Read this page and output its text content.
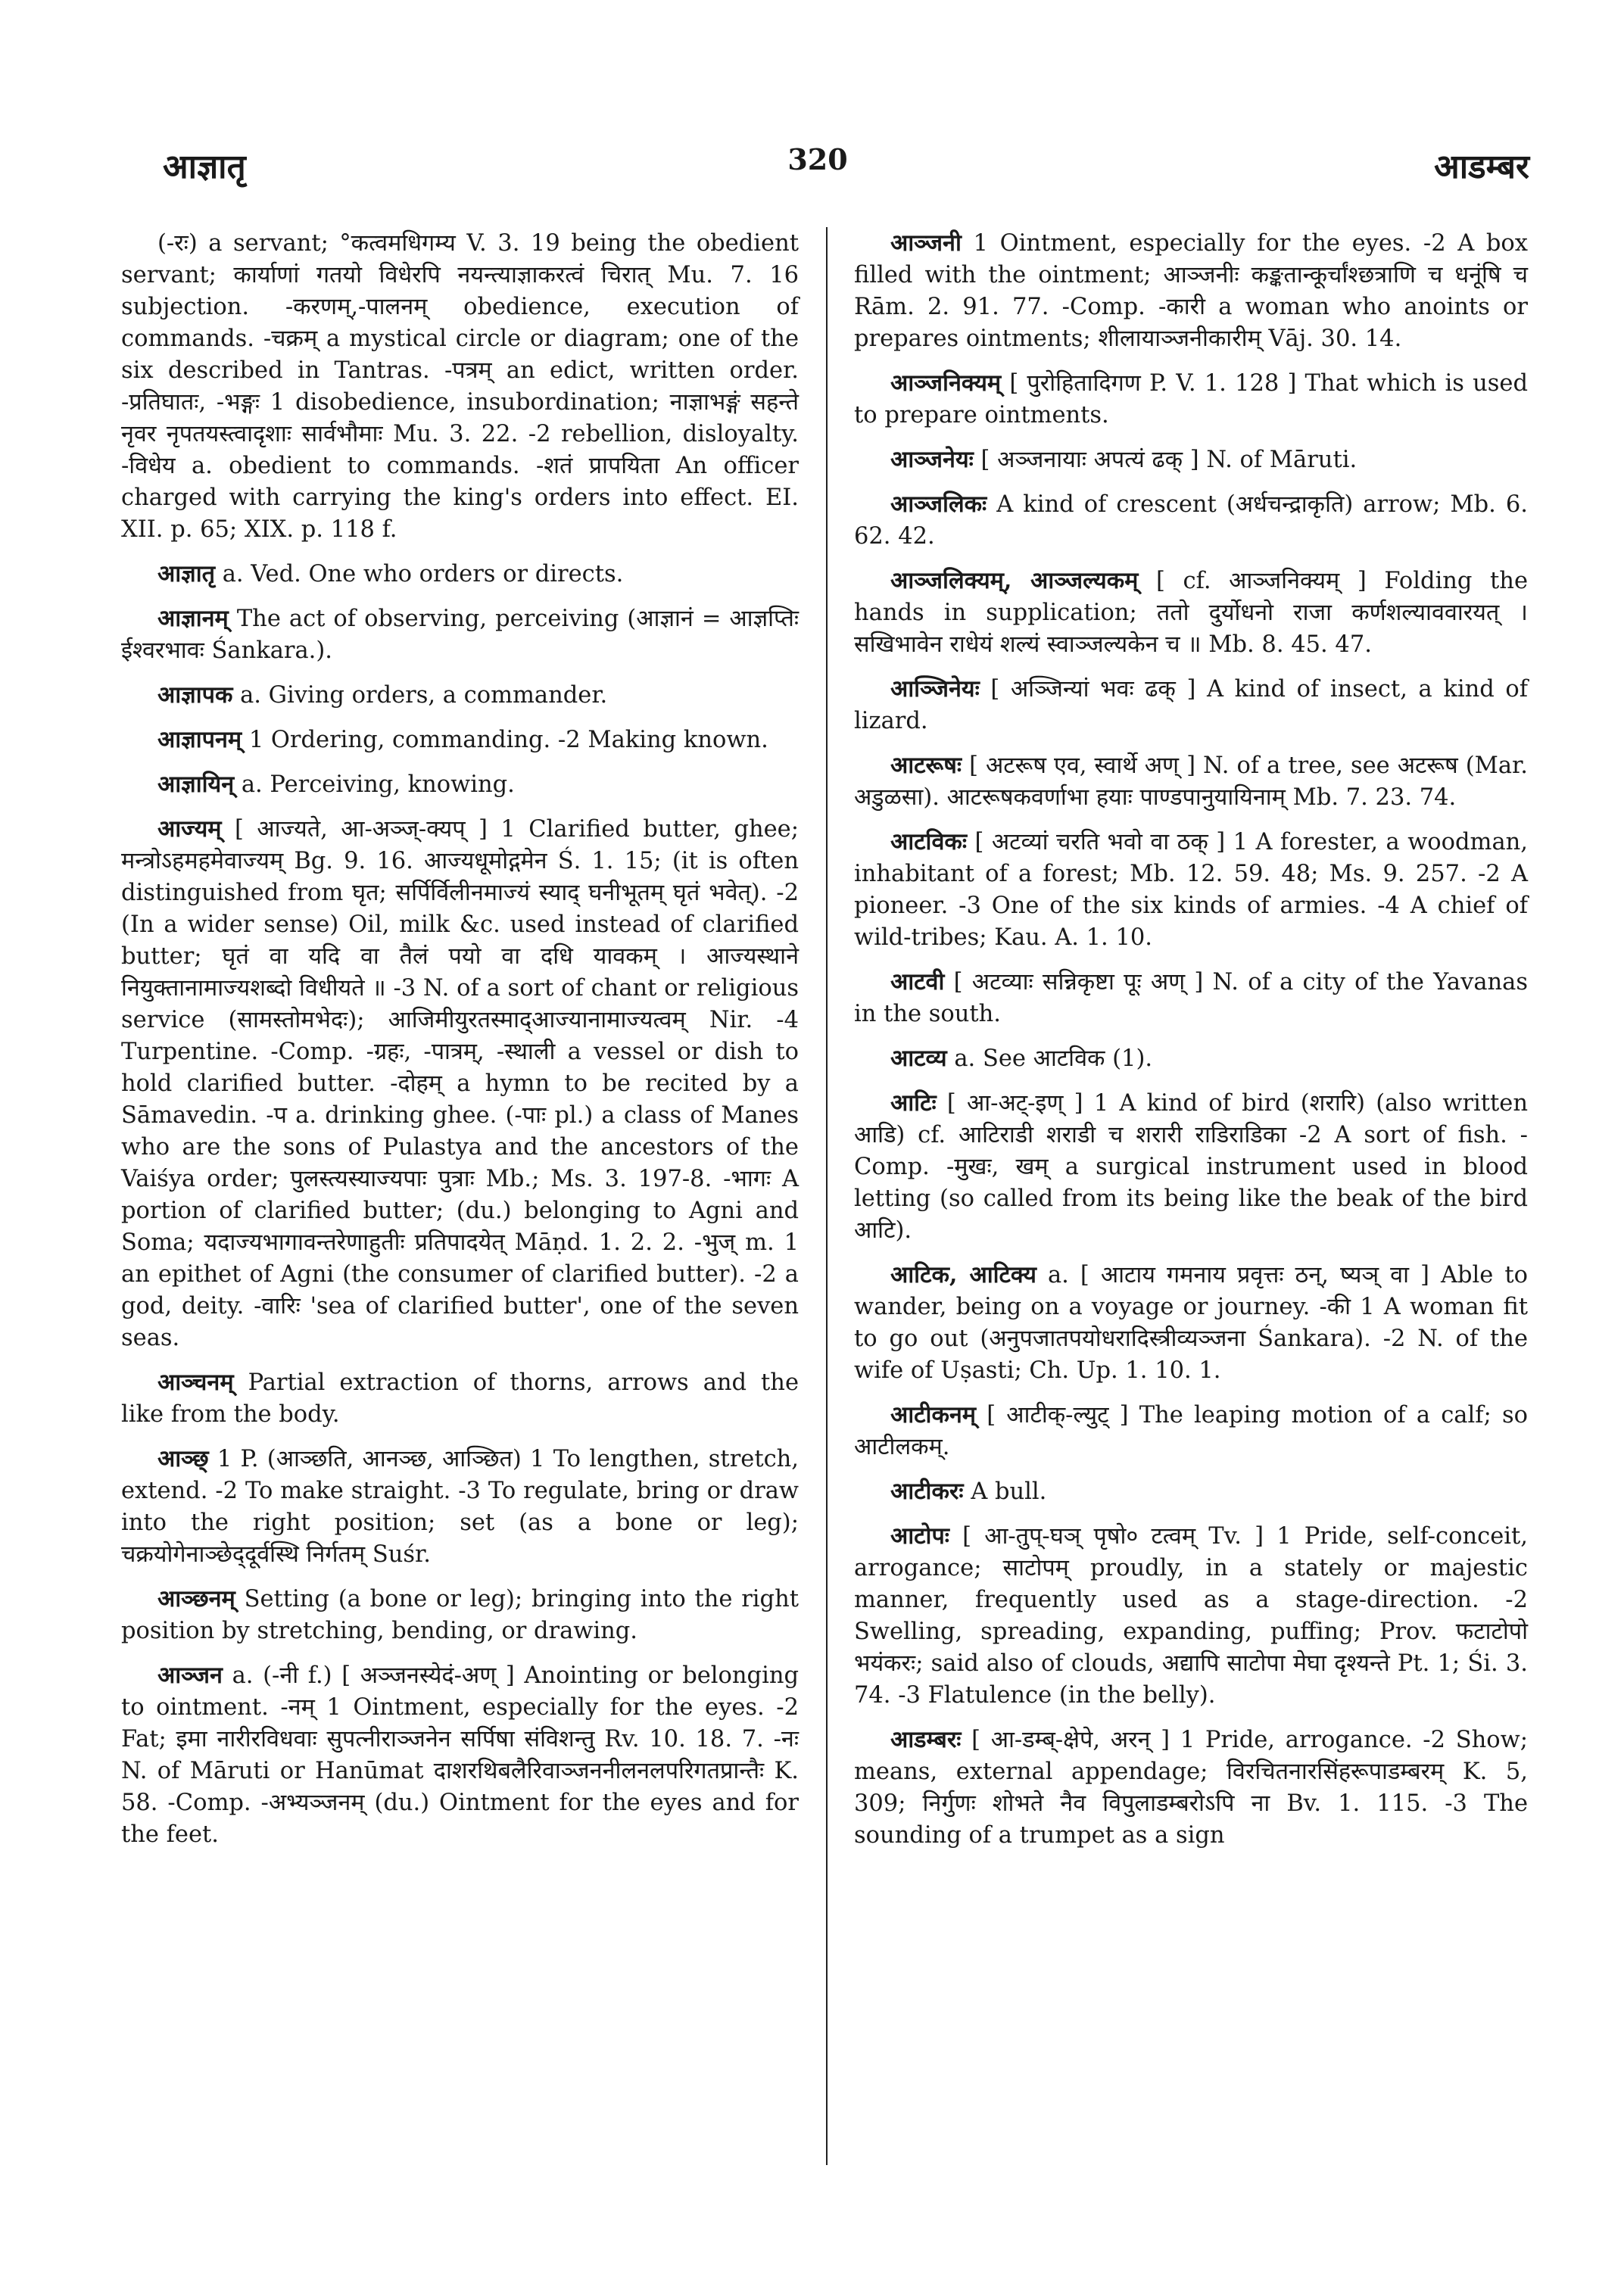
आज्ञातृ	320	आडम्बर

(-रः) a servant; °कत्वमधिगम्य V. 3. 19 being the obedient servant; कार्याणां गतयो विधेरपि नयन्त्याज्ञाकरत्वं चिरात् Mu. 7. 16 subjection. -करणम्,-पालनम् obedience, execution of commands. -चक्रम् a mystical circle or diagram; one of the six described in Tantras. -पत्रम् an edict, written order. -प्रतिघातः, -भङ्गः 1 disobedience, insubordination; नाज्ञाभङ्गं सहन्ते नृवर नृपतयस्त्वादृशाः सार्वभौमाः Mu. 3. 22. -2 rebellion, disloyalty. -विधेय a. obedient to commands. -शतं प्रापयिता An officer charged with carrying the king's orders into effect. EI. XII. p. 65; XIX. p. 118 f.

आज्ञातृ a. Ved. One who orders or directs.

आज्ञानम् The act of observing, perceiving (आज्ञानं = आज्ञप्तिः ईश्वरभावः Śankara.).

आज्ञापक a. Giving orders, a commander.

आज्ञापनम् 1 Ordering, commanding. -2 Making known.

आज्ञायिन् a. Perceiving, knowing.

आज्यम् [ आज्यते, आ-अञ्ज्-क्यप् ] 1 Clarified butter, ghee; मन्त्रोऽहमहमेवाज्यम् Bg. 9. 16. आज्यधूमोद्गमेन Ś. 1. 15; (it is often distinguished from घृत; सर्पिर्विलीनमाज्यं स्याद् घनीभूतम् घृतं भवेत्). -2 (In a wider sense) Oil, milk &c. used instead of clarified butter; घृतं वा यदि वा तैलं पयो वा दधि यावकम् । आज्यस्थाने नियुक्तानामाज्यशब्दो विधीयते ॥ -3 N. of a sort of chant or religious service (सामस्तोमभेदः); आजिमीयुरतस्माद्‌आज्यानामाज्यत्वम् Nir. -4 Turpentine. -Comp. -ग्रहः, -पात्रम्, -स्थाली a vessel or dish to hold clarified butter. -दोहम् a hymn to be recited by a Sāmavedin. -प a. drinking ghee. (-पाः pl.) a class of Manes who are the sons of Pulastya and the ancestors of the Vaiśya order; पुलस्त्यस्याज्यपाः पुत्राः Mb.; Ms. 3. 197-8. -भागः A portion of clarified butter; (du.) belonging to Agni and Soma; यदाज्यभागावन्तरेणाहुतीः प्रतिपादयेत् Māṇd. 1. 2. 2. -भुज् m. 1 an epithet of Agni (the consumer of clarified butter). -2 a god, deity. -वारिः 'sea of clarified butter', one of the seven seas.

आञ्चनम् Partial extraction of thorns, arrows and the like from the body.

आञ्छ् 1 P. (आञ्छति, आनञ्छ, आञ्छित) 1 To lengthen, stretch, extend. -2 To make straight. -3 To regulate, bring or draw into the right position; set (as a bone or leg); चक्रयोगेनाञ्छेद्‌दूर्वस्थि निर्गतम् Suśr.

आञ्छनम् Setting (a bone or leg); bringing into the right position by stretching, bending, or drawing.

आञ्जन a. (-नी f.) [ अञ्जनस्येदं-अण् ] Anointing or belonging to ointment. -नम् 1 Ointment, especially for the eyes. -2 Fat; इमा नारीरविधवाः सुपत्नीराञ्जनेन सर्पिषा संविशन्तु Rv. 10. 18. 7. -नः N. of Māruti or Hanūmat दाशरथिबलैरिवाञ्जननीलनलपरिगतप्रान्तैः K. 58. -Comp. -अभ्यञ्जनम् (du.) Ointment for the eyes and for the feet.

आञ्जनी 1 Ointment, especially for the eyes. -2 A box filled with the ointment; आञ्जनीः कङ्कतान्कूर्चांश्छत्राणि च धनूंषि च Rām. 2. 91. 77. -Comp. -कारी a woman who anoints or prepares ointments; शीलायाञ्जनीकारीम् Vāj. 30. 14.

आञ्जनिक्यम् [ पुरोहितादिगण P. V. 1. 128 ] That which is used to prepare ointments.

आञ्जनेयः [ अञ्जनायाः अपत्यं ढक् ] N. of Māruti.

आञ्जलिकः A kind of crescent (अर्धचन्द्राकृति) arrow; Mb. 6. 62. 42.

आञ्जलिक्यम्, आञ्जल्यकम् [ cf. आञ्जनिक्यम् ] Folding the hands in supplication; ततो दुर्योधनो राजा कर्णशल्याववारयत् । सखिभावेन राधेयं शल्यं स्वाञ्जल्यकेन च ॥ Mb. 8. 45. 47.

आञ्जिनेयः [ अञ्जिन्यां भवः ढक् ] A kind of insect, a kind of lizard.

आटरूषः [ अटरूष एव, स्वार्थे अण् ] N. of a tree, see अटरूष (Mar. अडुळसा). आटरूषकवर्णाभा हयाः पाण्डपानुयायिनाम् Mb. 7. 23. 74.

आटविकः [ अटव्यां चरति भवो वा ठक् ] 1 A forester, a woodman, inhabitant of a forest; Mb. 12. 59. 48; Ms. 9. 257. -2 A pioneer. -3 One of the six kinds of armies. -4 A chief of wild-tribes; Kau. A. 1. 10.

आटवी [ अटव्याः सन्निकृष्टा पूः अण् ] N. of a city of the Yavanas in the south.

आटव्य a. See आटविक (1).

आटिः [ आ-अट्-इण् ] 1 A kind of bird (शरारि) (also written आडि) cf. आटिराडी शराडी च शरारी राडिराडिका -2 A sort of fish. -Comp. -मुखः, खम् a surgical instrument used in blood letting (so called from its being like the beak of the bird आटि).

आटिक, आटिक्य a. [ आटाय गमनाय प्रवृत्तः ठन्, ष्यञ् वा ] Able to wander, being on a voyage or journey. -की 1 A woman fit to go out (अनुपजातपयोधरादिस्त्रीव्यञ्जना Śankara). -2 N. of the wife of Uṣasti; Ch. Up. 1. 10. 1.

आटीकनम् [ आटीक्-ल्युट् ] The leaping motion of a calf; so आटीलकम्.

आटीकरः A bull.

आटोपः [ आ-तुप्-घञ् पृषो० टत्वम् Tv. ] 1 Pride, self-conceit, arrogance; साटोपम् proudly, in a stately or majestic manner, frequently used as a stage-direction. -2 Swelling, spreading, expanding, puffing; Prov. फटाटोपो भयंकरः; said also of clouds, अद्यापि साटोपा मेघा दृश्यन्ते Pt. 1; Śi. 3. 74. -3 Flatulence (in the belly).

आडम्बरः [ आ-डम्ब्-क्षेपे, अरन् ] 1 Pride, arrogance. -2 Show; means, external appendage; विरचितनारसिंहरूपाडम्बरम् K. 5, 309; निर्गुणः शोभते नैव विपुलाडम्बरोऽपि ना Bv. 1. 115. -3 The sounding of a trumpet as a sign
